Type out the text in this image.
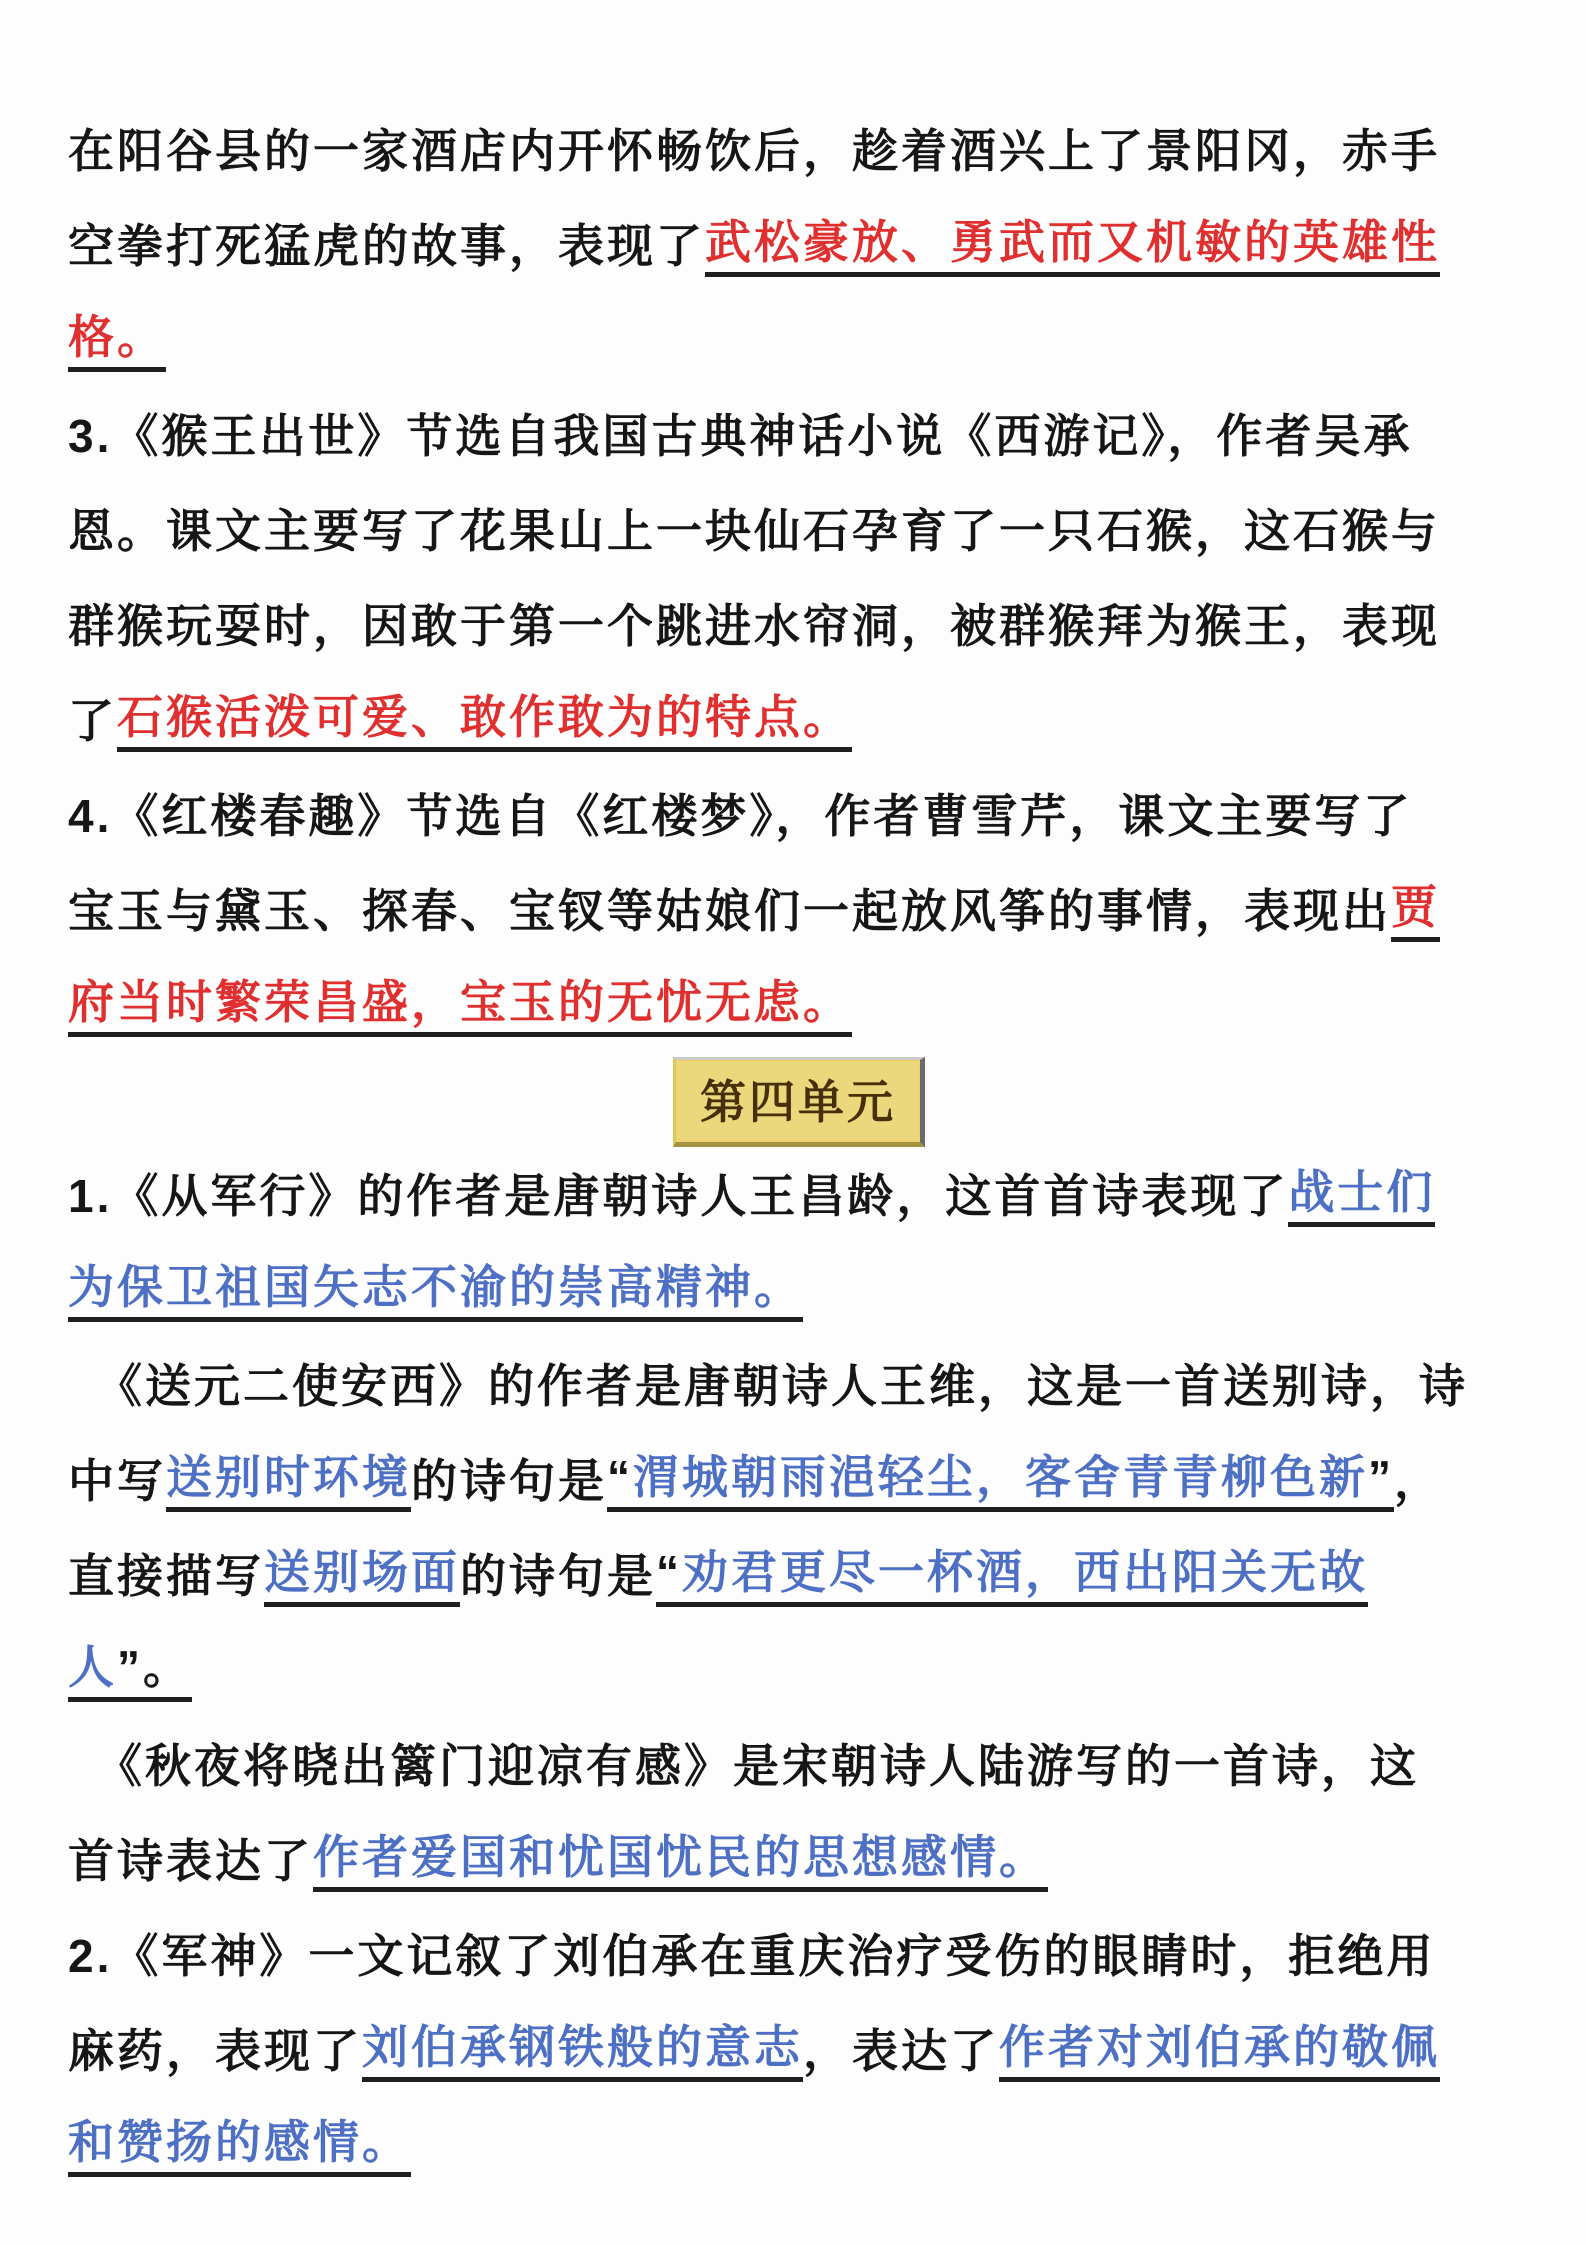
在阳谷县的一家酒店内开怀畅饮后，趁着酒兴上了景阳冈，赤手
空拳打死猛虎的故事，表现了 武松豪放、勇武而又机敏的英雄性
格。
3.《猴王出世》节选自我国古典神话小说《西游记》，作者吴承
恩。课文主要写了花果山上一块仙石孕育了一只石猴，这石猴与
群猴玩耍时，因敢于第一个跳进水帘洞，被群猴拜为猴王，表现
了 石猴活泼可爱、敢作敢为的特点。
4.《红楼春趣》节选自《红楼梦》，作者曹雪芹，课文主要写了
宝玉与黛玉、探春、宝钗等姑娘们一起放风筝的事情，表现出 贾
府当时繁荣昌盛，宝玉的无忧无虑。
第四单元
1.《从军行》的作者是唐朝诗人王昌龄，这首首诗表现了 战士们
为保卫祖国矢志不渝的崇高精神。
《送元二使安西》的作者是唐朝诗人王维，这是一首送别诗，诗
中写 送别时环境 的诗句是 “ 渭城朝雨浥轻尘，客舍青青柳色新 ” ，
直接描写 送别场面 的诗句是 “ 劝君更尽一杯酒，西出阳关无故
人 ”。
《秋夜将晓出篱门迎凉有感》是宋朝诗人陆游写的一首诗，这
首诗表达了 作者爱国和忧国忧民的思想感情。
2.《军神》一文记叙了刘伯承在重庆治疗受伤的眼睛时，拒绝用
麻药，表现了 刘伯承钢铁般的意志 ，表达了 作者对刘伯承的敬佩
和赞扬的感情。
